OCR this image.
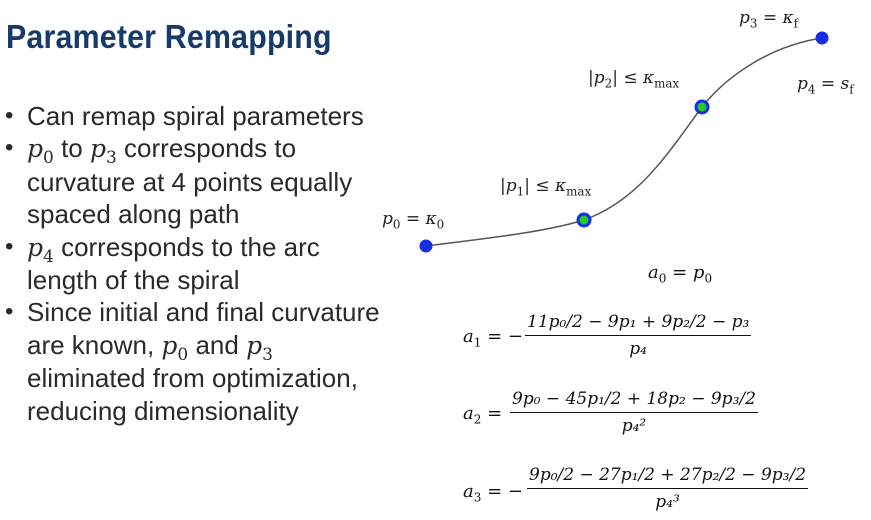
Parameter Remapping
• Can remap spiral parameters
• $p_0$ to $p_3$ corresponds to curvature at 4 points equally spaced along path
• $p_4$ corresponds to the arc length of the spiral
• Since initial and final curvature are known, $p_0$ and $p_3$ eliminated from optimization, reducing dimensionality
$p_0 = \kappa_0$
$|p_1| \le \kappa_{max}$
$|p_2| \le \kappa_{max}$
$p_3 = \kappa_f$
$p_4 = s_f$
$a_0 = p_0$
$a_1$ = − $\frac{\text{11p₀/2 − 9p₁ + 9p₂/2 − p₃}}{\text{p₄}}$
$a_2 = \frac{\text{9p₀ − 45p₁/2 + 18p₂ − 9p₃/2}}{\text{p₄²}}$
$a_3$ = − $\frac{\text{9p₀/2 − 27p₁/2 + 27p₂/2 − 9p₃/2}}{\text{p₄³}}$
